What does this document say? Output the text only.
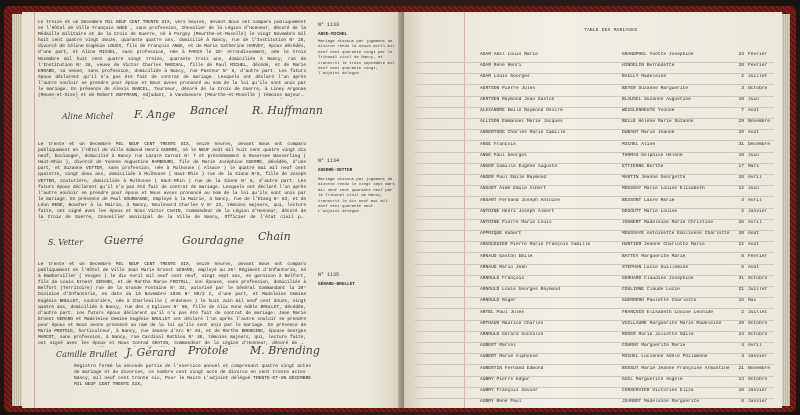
Le treize et un Décembre MIL NEUF CENT TRENTE SIX, vers heures, devant Nous ont comparu publiquement en l'Hôtel de Ville François ANGE , sans profession, Chevalier de la Légion d'Honneur, décoré de la Médaille militaire et de la Croix de Guerre, né à Pargny (Meurthe-et-Moselle) le vingt Novembre mil huit cent quatre vingt douze, quarante quatre ans, domicilié à Nancy, rue de l'Institution N° 28, divorcé de Céline Eugénie LOUIS, fils de François ANGE, et de Marie Catherine HARVEY, époux décédés, d'une part, et Aline MICHEL, sans profession, née à PARIS le 28° Arrondissement, née le trois Novembre mil huit cent quatre vingt treize, quarante trois ans, domiciliée à Nancy, rue de l'Institution N° 28, veuve de Victor Charles MARCHAL, fille de Paul MICHEL, décédé, et de Marie ERRARD, sa veuve, sans profession, domiciliée à Nancy, rue Pasteur N° 8, d'autre part. Les futurs époux déclarent qu'il n'a pas été fait de contrat de mariage. Lesquels ont déclaré l'un après l'autre vouloir se prendre pour époux et Nous avons prononcé au nom de la loi qu'ils sont unis par le mariage. En présence de Alexis BANCEL, Tourneur, décoré de la Croix de Guerre, à Liney Argonne (Meuse-et-Oise) et de Robert HUFFMANN, Adjudant, à Vandoeuvre (Meurthe-et-Moselle ) témoins majeurs,
N° 1133
ANGE-MICHEL
Mariage dissous par jugement de divorce rendu la neuve avril mil neuf cent quarante vingt par le Tribunal civil de Nancy, et transcrit le trois septembre mil neuf cent quarante vingt, l'adjoint délégué.
Aline Michel F. Ange Bancel R. Huffmann
Le trente et un Décembre MIL NEUF CENT TRENTE SIX, seize heures, devant Nous ont comparu publiquement en l'Hôtel de Ville Edmond Henri GUERRÉ, né le NEUF Août mil huit cent quatre vingt dix neuf, boulanger, domicilié à Nancy rue Lazare Carnot N° 7 et précédemment à Rosersee Wasserling ( Haut-Rhin ), divorcé de Yvonne Augustine RAMBOURG, fils de Marie Joséphine GUERRÉ, décédée, d'une part, et Suzanne VETTER, sans profession, née à Mulhouse ( Alsace ) le quatre mai mil neuf cent quatorze, vingt deux ans, domiciliée à Mulhouse ( Haut-Rhin ) rue de la Sinne N°8, fille de Joseph VETTER, Couturière, domiciliée à Mulhouse ( Haut-Rhin ) rue de la Sinne N° 8, d'autre part. Les futurs époux déclarent qu'il n'a pas été fait de contrat de mariage. Lesquels ont déclaré l'un après l'autre vouloir se prendre pour époux et Nous avons prononcé au nom de la loi qu'ils sont unis par le mariage. En présence de Paul GOURDAGNE, Employé à la Mairie, à Nancy, rue de l'Étang N° 63, et de Léon RENÉ, Boucher à la Mairie, à Nancy, Boulevard Charles V N° 23, témoins majeurs, qui, lecture faite, ont signé avec les époux et Nous Victor CHAIN, Commandeur de la Légion d'Honneur, décoré de la Croix de Guerre, Conseiller municipal de la Ville de Nancy, Officier de l'état civil par
N° 1134
GUERRÉ-VETTER
Mariage dissous par jugement de divorce rendu le vingt sept mars mil neuf cent quarante neuf par le Tribunal civil de Nancy, transcrit le dix neuf mai mil neuf cent quarante neuf. L'adjoint délégué.
S. Vetter Guerré	Gourdagne Chain
Le trente et un Décembre MIL NEUF CENT TRENTE SIX, seize heures, devant Nous ont comparu publiquement en l'Hôtel de Ville Jean Marie Ernest GÉRARD, employé au 26° Régiment d'Infanterie, né à Ramberviller ( Vosges ) le dix Avril mil neuf cent neuf, vingt sept ans, en garnison à Belfort, fils de Louis Ernest GÉRARD, et de Marthe Marie FROTOLL, son épouse, sans profession, domiciliés à Belfort (Territoire) rue de la Grande Fontaine N° 32, autorisé par le Général Commandant la 20° Division d'Infanterie, en date du 10 Novembre 1936 N° 00/2 C, d'une part, et Madeleine Gemine Eugénie BRULLET, couturière, née à Charleville ( Ardennes ) le huit Juin mil neuf cent douze, vingt quatre ans, domiciliée à Nancy, rue des 4 Eglises N° 50, fille de Alix Anne Adèle BRULLET, décédée, d'autre part. Les futurs époux déclarent qu'il n'a pas été fait de contrat de mariage. Jean Marie Ernest GÉRARD et Madeleine Gemine Eugénie BRULLET ont déclaré l'un après l'autre vouloir se prendre pour époux et Nous avons prononcé au nom de la loi qu'ils sont unis par le mariage. En présence de Marie PROTOLE, horticulteur, à Nancy, rue Jeanne d'Arc N° 84, et de Marthe BRENDING, épouse Georges MARCOT, sans profession, à Nancy, rue Cardinal Mathieu N° 38, témoins majeurs, qui, lecture faite, ont signé avec les époux et Nous Conrad GRATIN, Commandeur de la Légion d'Honneur, décoré de la
N° 1135
GÉRARD-BRULLET
Camille Brullet J. Gérard Protole M. Brending
Registre fermé la seconde partie de l'exercice annuel et comprenant quatre vingt actes de mariage et de divorces, ce nombre cent vingt acte de divorce en cent trente actes Nancy, mil neuf cent trente six, Pour le Maire L'adjoint délégué TRENTE-ET-UN DÉCEMBRE MIL NEUF CENT TRENTE SIX,
TABLE DES MARIAGES
ADAM Abel Louis Marie	GRANDPHEL Yvette Joséphine	23 Février
ADAM René Henri	HINDELIN Bernadette	28 Février
ADAM Louis Georges	BAILLY Madeleine	2 Juillet
AERTSON Pierre Jules	BEYER Suzanne Marguerite	3 Octobre
AERTSEN Raymond Jean Gaston	BLAUSEL Suzanne Augustine	19 Juin
ALEXANDRE Emile Raymond Désiré	WEIGLENREUTE Yvonne	7 Août
ALLISON Emmanuel Marie Jacques	BELLE Hélène Marie Suzanne	29 Novembre
ANDERTONG Charles Marie Camille	DUBANT Marie Jeanne	29 Août
ANGE François	MICHEL Aline	31 Décembre
ANGE Paul Georges	THOMAS Delphine Hélène	19 Juin
ANGER Camille Eugène Auguste	ETTIENNE Berthe	17 Mars
ANGER Paul Emile Raymond	MARTIN Jeanne Georgette	26 Avril
ANSART Aimé Emile Albert	MOUSSAY Marie Louise Elisabeth	12 Juin
ANSART Fernand Joseph Antoine	BESSONT Laure Marie	4 Avril
ANTOINE Henri Joseph Albert	DEGOUTT Marie Louise	2 Janvier
ANTOINE Pierre Marie Louis	JOUBERT Madeleine Marie Christine	26 Avril
APPRIQUE Hubert	MOUSSAYE Antoinette Emilienne Charlotte	20 Août
ARGOUSSIER Pierre Marie François Camille	HUNTIER Jeanne Charlotte Marie	22 Août
ARNAUD Gaston Emile	BATTEY Marguerite Marie	8 Février
ARNAUD Mario Jean	STEPHAN Lucie Guillemine	6 Août
ARNOULD François	GERHARD Claudine Joséphine	31 Octobre
ARNOULD Louis Georges Raymond	COULIONE Claude Lucie	21 Juillet
ARNOULD Roger	GUERRERO Paulette Charlotte	15 Mai
ARTEL Paul Jules	FRANÇOIS Elisabeth Louise Léonide	2 Juillet
ARTHAUD Maurice Charles	VUILLAUME Marguerite Marie Madeleine	29 Octobre
ARNOULD Gérard Gonzalve	ROGER Marie Juliette Odile	24 Octobre
AUBERT Marcel	COURNY Marguerite Marie	4 Avril
AUBERT Marie Alphonse	MICHEL Lucienne Adèle Philomène	4 Janvier
AUBERTIN Fernand Edmond	BOSSUT Marie Jeanne Françoise Armantine	21 Novembre
AUBRY Pierre Edgar	GUIL Marguerite Angèle	13 Octobre
AUBRY François Xavier	CONSERVIER Victorine Eliza	10 Janvier
AUBRY René Paul	JEANNOT Madeleine Marguerite	6 Janvier
